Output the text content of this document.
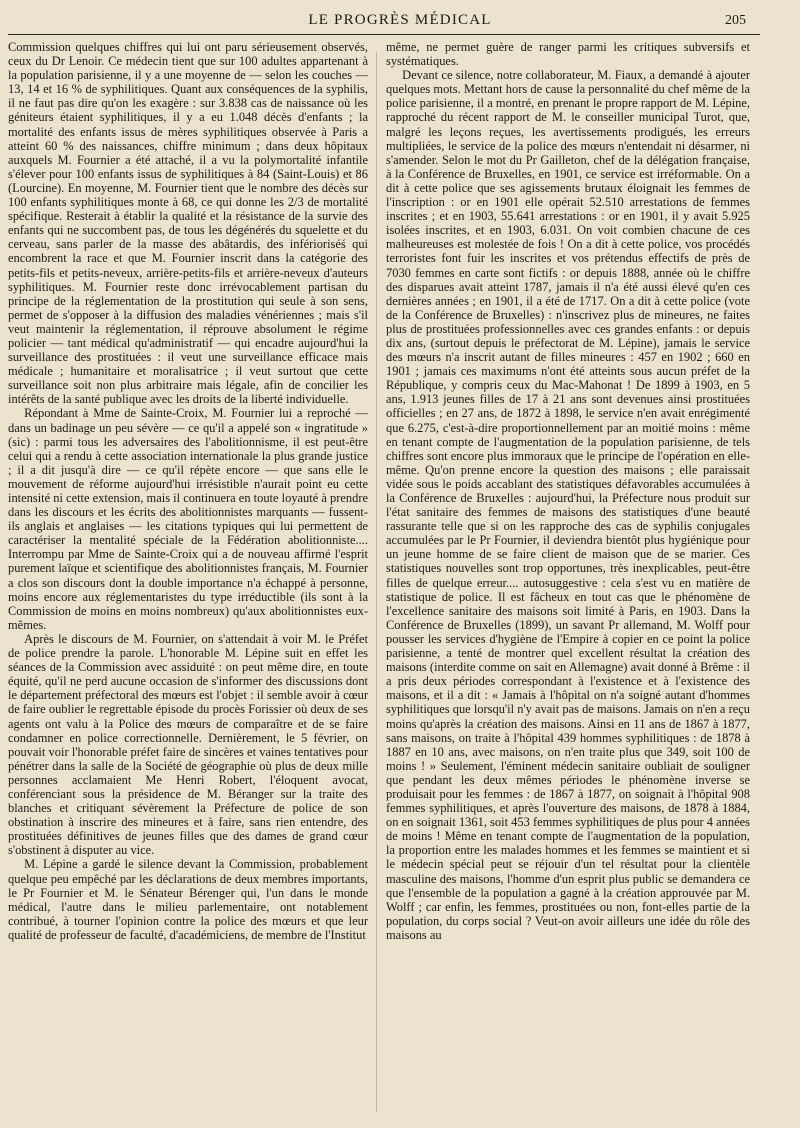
LE PROGRÈS MÉDICAL	205

Commission quelques chiffres qui lui ont paru sérieusement observés, ceux du Dr Lenoir. Ce médecin tient que sur 100 adultes appartenant à la population parisienne, il y a une moyenne de — selon les couches — 13, 14 et 16 % de syphilitiques. Quant aux conséquences de la syphilis, il ne faut pas dire qu'on les exagère : sur 3.838 cas de naissance où les géniteurs étaient syphilitiques, il y a eu 1.048 décès d'enfants ; la mortalité des enfants issus de mères syphilitiques observée à Paris a atteint 60 % des naissances, chiffre minimum ; dans deux hôpitaux auxquels M. Fournier a été attaché, il a vu la polymortalité infantile s'élever pour 100 enfants issus de syphilitiques à 84 (Saint-Louis) et 86 (Lourcine). En moyenne, M. Fournier tient que le nombre des décès sur 100 enfants syphilitiques monte à 68, ce qui donne les 2/3 de mortalité spécifique. Resterait à établir la qualité et la résistance de la survie des enfants qui ne succombent pas, de tous les dégénérés du squelette et du cerveau, sans parler de la masse des abâtardis, des inférioriséś qui encombrent la race et que M. Fournier inscrit dans la catégorie des petits-fils et petits-neveux, arrière-petits-fils et arrière-neveux d'auteurs syphilitiques. M. Fournier reste donc irrévocablement partisan du principe de la réglementation de la prostitution qui seule à son sens, permet de s'opposer à la diffusion des maladies vénériennes ; mais s'il veut maintenir la réglementation, il réprouve absolument le régime policier — tant médical qu'administratif — qui encadre aujourd'hui la surveillance des prostituées : il veut une surveillance efficace mais médicale ; humanitaire et moralisatrice ; il veut surtout que cette surveillance soit non plus arbitraire mais légale, afin de concilier les intérêts de la santé publique avec les droits de la liberté individuelle.

Répondant à Mme de Sainte-Croix, M. Fournier lui a reproché — dans un badinage un peu sévère — ce qu'il a appelé son « ingratitude » (sic) : parmi tous les adversaires des l'abolitionnisme, il est peut-être celui qui a rendu à cette association internationale la plus grande justice ; il a dit jusqu'à dire — ce qu'il répète encore — que sans elle le mouvement de réforme aujourd'hui irrésistible n'aurait point eu cette intensité ni cette extension, mais il continuera en toute loyauté à prendre dans les discours et les écrits des abolitionnistes marquants — fussent-ils anglais et anglaises — les citations typiques qui lui permettent de caractériser la mentalité spéciale de la Fédération abolitionniste.... Interrompu par Mme de Sainte-Croix qui a de nouveau affirmé l'esprit purement laïque et scientifique des abolitionnistes français, M. Fournier a clos son discours dont la double importance n'a échappé à personne, moins encore aux réglementaristes du type irréductible (ils sont à la Commission de moins en moins nombreux) qu'aux abolitionnistes eux-mêmes.

Après le discours de M. Fournier, on s'attendait à voir M. le Préfet de police prendre la parole. L'honorable M. Lépine suit en effet les séances de la Commission avec assiduité : on peut même dire, en toute équité, qu'il ne perd aucune occasion de s'informer des discussions dont le département préfectoral des mœurs est l'objet : il semble avoir à cœur de faire oublier le regrettable épisode du procès Forissier où deux de ses agents ont valu à la Police des mœurs de comparaître et de se faire condamner en police correctionnelle. Dernièrement, le 5 février, on pouvait voir l'honorable préfet faire de sincères et vaines tentatives pour pénétrer dans la salle de la Société de géographie où plus de deux mille personnes acclamaient Me Henri Robert, l'éloquent avocat, conférenciant sous la présidence de M. Béranger sur la traite des blanches et critiquant sévèrement la Préfecture de police de son obstination à inscrire des mineures et à faire, sans rien entendre, des prostituées définitives de jeunes filles que des dames de grand cœur s'obstinent à disputer au vice.

M. Lépine a gardé le silence devant la Commission, probablement quelque peu empêché par les déclarations de deux membres importants, le Pr Fournier et M. le Sénateur Bérenger qui, l'un dans le monde médical, l'autre dans le milieu parlementaire, ont notablement contribué, à tourner l'opinion contre la police des mœurs et que leur qualité de professeur de faculté, d'académiciens, de membre de l'Institut

même, ne permet guère de ranger parmi les critiques subversifs et systématiques.

Devant ce silence, notre collaborateur, M. Fiaux, a demandé à ajouter quelques mots. Mettant hors de cause la personnalité du chef même de la police parisienne, il a montré, en prenant le propre rapport de M. Lépine, rapproché du récent rapport de M. le conseiller municipal Turot, que, malgré les leçons reçues, les avertissements prodigués, les erreurs multipliées, le service de la police des mœurs n'entendait ni désarmer, ni s'amender. Selon le mot du Pr Gailleton, chef de la délégation française, à la Conférence de Bruxelles, en 1901, ce service est irréformable. On a dit à cette police que ses agissements brutaux éloignait les femmes de l'inscription : or en 1901 elle opérait 52.510 arrestations de femmes inscrites ; et en 1903, 55.641 arrestations : or en 1901, il y avait 5.925 isolées inscrites, et en 1903, 6.031. On voit combien chacune de ces malheureuses est molestée de fois ! On a dit à cette police, vos procédés terroristes font fuir les inscrites et vos prétendus effectifs de près de 7030 femmes en carte sont fictifs : or depuis 1888, année où le chiffre des disparues avait atteint 1787, jamais il n'a été aussi élevé qu'en ces dernières années ; en 1901, il a été de 1717. On a dit à cette police (vote de la Conférence de Bruxelles) : n'inscrivez plus de mineures, ne faites plus de prostituées professionnelles avec ces grandes enfants : or depuis dix ans, (surtout depuis le préfectorat de M. Lépine), jamais le service des mœurs n'a inscrit autant de filles mineures : 457 en 1902 ; 660 en 1901 ; jamais ces maximums n'ont été atteints sous aucun préfet de la République, y compris ceux du Mac-Mahonat ! De 1899 à 1903, en 5 ans, 1.913 jeunes filles de 17 à 21 ans sont devenues ainsi prostituées officielles ; en 27 ans, de 1872 à 1898, le service n'en avait enrégimenté que 6.275, c'est-à-dire proportionnellement par an moitié moins : même en tenant compte de l'augmentation de la population parisienne, de tels chiffres sont encore plus immoraux que le principe de l'opération en elle-même. Qu'on prenne encore la question des maisons ; elle paraissait vidée sous le poids accablant des statistiques défavorables accumulées à la Conférence de Bruxelles : aujourd'hui, la Préfecture nous produit sur l'état sanitaire des femmes de maisons des statistiques d'une beauté rassurante telle que si on les rapproche des cas de syphilis conjugales accumulées par le Pr Fournier, il deviendra bientôt plus hygiénique pour un jeune homme de se faire client de maison que de se marier. Ces statistiques nouvelles sont trop opportunes, très inexplicables, peut-être filles de quelque erreur.... autosuggestive : cela s'est vu en matière de statistique de police. Il est fâcheux en tout cas que le phénomène de l'excellence sanitaire des maisons soit limité à Paris, en 1903. Dans la Conférence de Bruxelles (1899), un savant Pr allemand, M. Wolff pour pousser les services d'hygiène de l'Empire à copier en ce point la police parisienne, a tenté de montrer quel excellent résultat la création des maisons (interdite comme on sait en Allemagne) avait donné à Brême : il a pris deux périodes correspondant à l'existence et à l'existence des maisons, et il a dit : « Jamais à l'hôpital on n'a soigné autant d'hommes syphilitiques que lorsqu'il n'y avait pas de maisons. Jamais on n'en a reçu moins qu'après la création des maisons. Ainsi en 11 ans de 1867 à 1877, sans maisons, on traite à l'hôpital 439 hommes syphilitiques : de 1878 à 1887 en 10 ans, avec maisons, on n'en traite plus que 349, soit 100 de moins ! » Seulement, l'éminent médecin sanitaire oubliait de souligner que pendant les deux mêmes périodes le phénomène inverse se produisait pour les femmes : de 1867 à 1877, on soignait à l'hôpital 908 femmes syphilitiques, et après l'ouverture des maisons, de 1878 à 1884, on en soignait 1361, soit 453 femmes syphilitiques de plus pour 4 années de moins ! Même en tenant compte de l'augmentation de la population, la proportion entre les malades hommes et les femmes se maintient et si le médecin spécial peut se réjouir d'un tel résultat pour la clientèle masculine des maisons, l'homme d'un esprit plus public se demandera ce que l'ensemble de la population a gagné à la création approuvée par M. Wolff ; car enfin, les femmes, prostituées ou non, font-elles partie de la population, du corps social ? Veut-on avoir ailleurs une idée du rôle des maisons au
